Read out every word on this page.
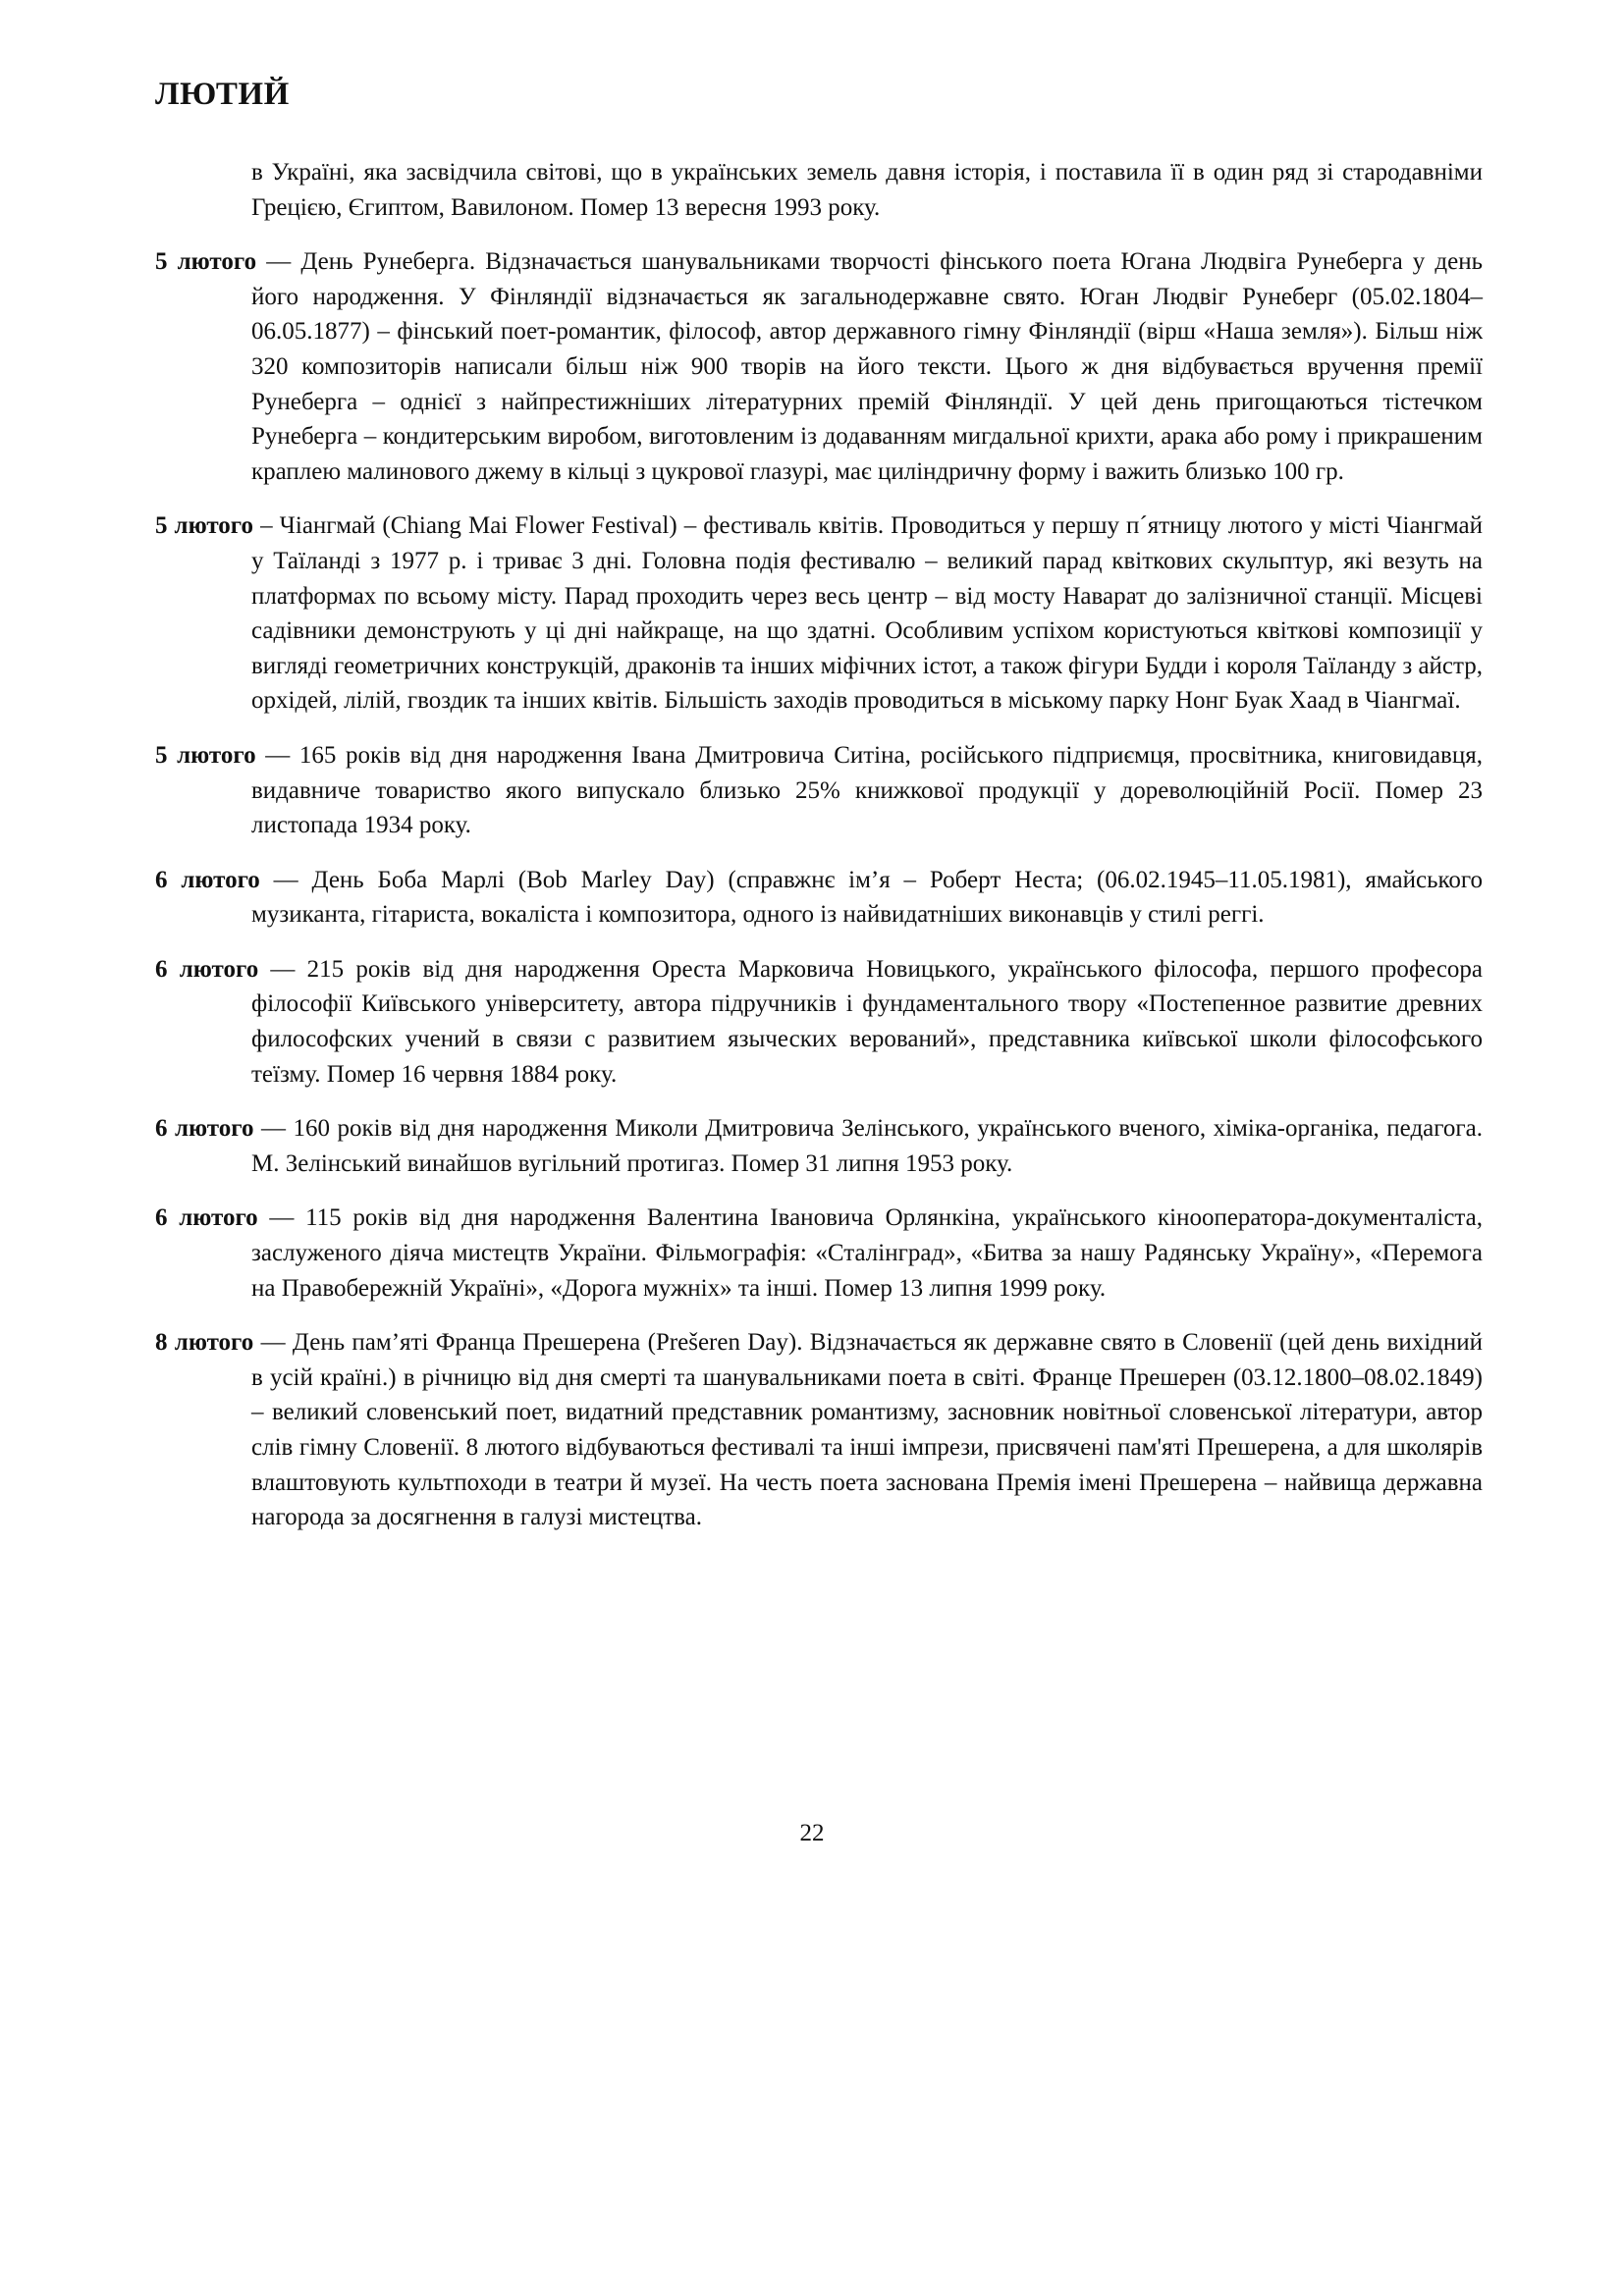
ЛЮТИЙ

в Україні, яка засвідчила світові, що в українських земель давня історія, і поставила її в один ряд зі стародавніми Грецією, Єгиптом, Вавилоном. Помер 13 вересня 1993 року.

5 лютого — День Рунеберга. Відзначається шанувальниками творчості фінського поета Югана Людвіга Рунеберга у день його народження. У Фінляндії відзначається як загальнодержавне свято. Юган Людвіг Рунеберг (05.02.1804–06.05.1877) – фінський поет-романтик, філософ, автор державного гімну Фінляндії (вірш «Наша земля»). Більш ніж 320 композиторів написали більш ніж 900 творів на його тексти. Цього ж дня відбувається вручення премії Рунеберга – однієї з найпрестижніших літературних премій Фінляндії. У цей день пригощаються тістечком Рунеберга – кондитерським виробом, виготовленим із додаванням мигдальної крихти, арака або рому і прикрашеним краплею малинового джему в кільці з цукрової глазурі, має циліндричну форму і важить близько 100 гр.

5 лютого – Чіангмай (Chiang Mai Flower Festival) – фестиваль квітів. Проводиться у першу п´ятницу лютого у місті Чіангмай у Таїланді з 1977 р. і триває 3 дні. Головна подія фестивалю – великий парад квіткових скульптур, які везуть на платформах по всьому місту. Парад проходить через весь центр – від мосту Наварат до залізничної станції. Місцеві садівники демонструють у ці дні найкраще, на що здатні. Особливим успіхом користуються квіткові композиції у вигляді геометричних конструкцій, драконів та інших міфічних істот, а також фігури Будди і короля Таїланду з айстр, орхідей, лілій, гвоздик та інших квітів. Більшість заходів проводиться в міському парку Нонг Буак Хаад в Чіангмаї.

5 лютого — 165 років від дня народження Івана Дмитровича Ситіна, російського підприємця, просвітника, книговидавця, видавниче товариство якого випускало близько 25% книжкової продукції у дореволюційній Росії. Помер 23 листопада 1934 року.

6 лютого — День Боба Марлі (Bob Marley Day) (справжнє ім’я – Роберт Неста; (06.02.1945–11.05.1981), ямайського музиканта, гітариста, вокаліста і композитора, одного із найвидатніших виконавців у стилі реггі.

6 лютого — 215 років від дня народження Ореста Марковича Новицького, українського філософа, першого професора філософії Київського університету, автора підручників і фундаментального твору «Постепенное развитие древних философских учений в связи с развитием языческих верований», представника київської школи філософського теїзму. Помер 16 червня 1884 року.

6 лютого — 160 років від дня народження Миколи Дмитровича Зелінського, українського вченого, хіміка-органіка, педагога. М. Зелінський винайшов вугільний протигаз. Помер 31 липня 1953 року.

6 лютого — 115 років від дня народження Валентина Івановича Орлянкіна, українського кінооператора-документаліста, заслуженого діяча мистецтв України. Фільмографія: «Сталінград», «Битва за нашу Радянську Україну», «Перемога на Правобережній Україні», «Дорога мужніх» та інші. Помер 13 липня 1999 року.

8 лютого — День пам’яті Франца Прешерена (Prešeren Day). Відзначається як державне свято в Словенії (цей день вихідний в усій країні.) в річницю від дня смерті та шанувальниками поета в світі. Франце Прешерен (03.12.1800–08.02.1849) – великий словенський поет, видатний представник романтизму, засновник новітньої словенської літератури, автор слів гімну Словенії. 8 лютого відбуваються фестивалі та інші імпрези, присвячені пам'яті Прешерена, а для школярів влаштовують культпоходи в театри й музеї. На честь поета заснована Премія імені Прешерена – найвища державна нагорода за досягнення в галузі мистецтва.

22
